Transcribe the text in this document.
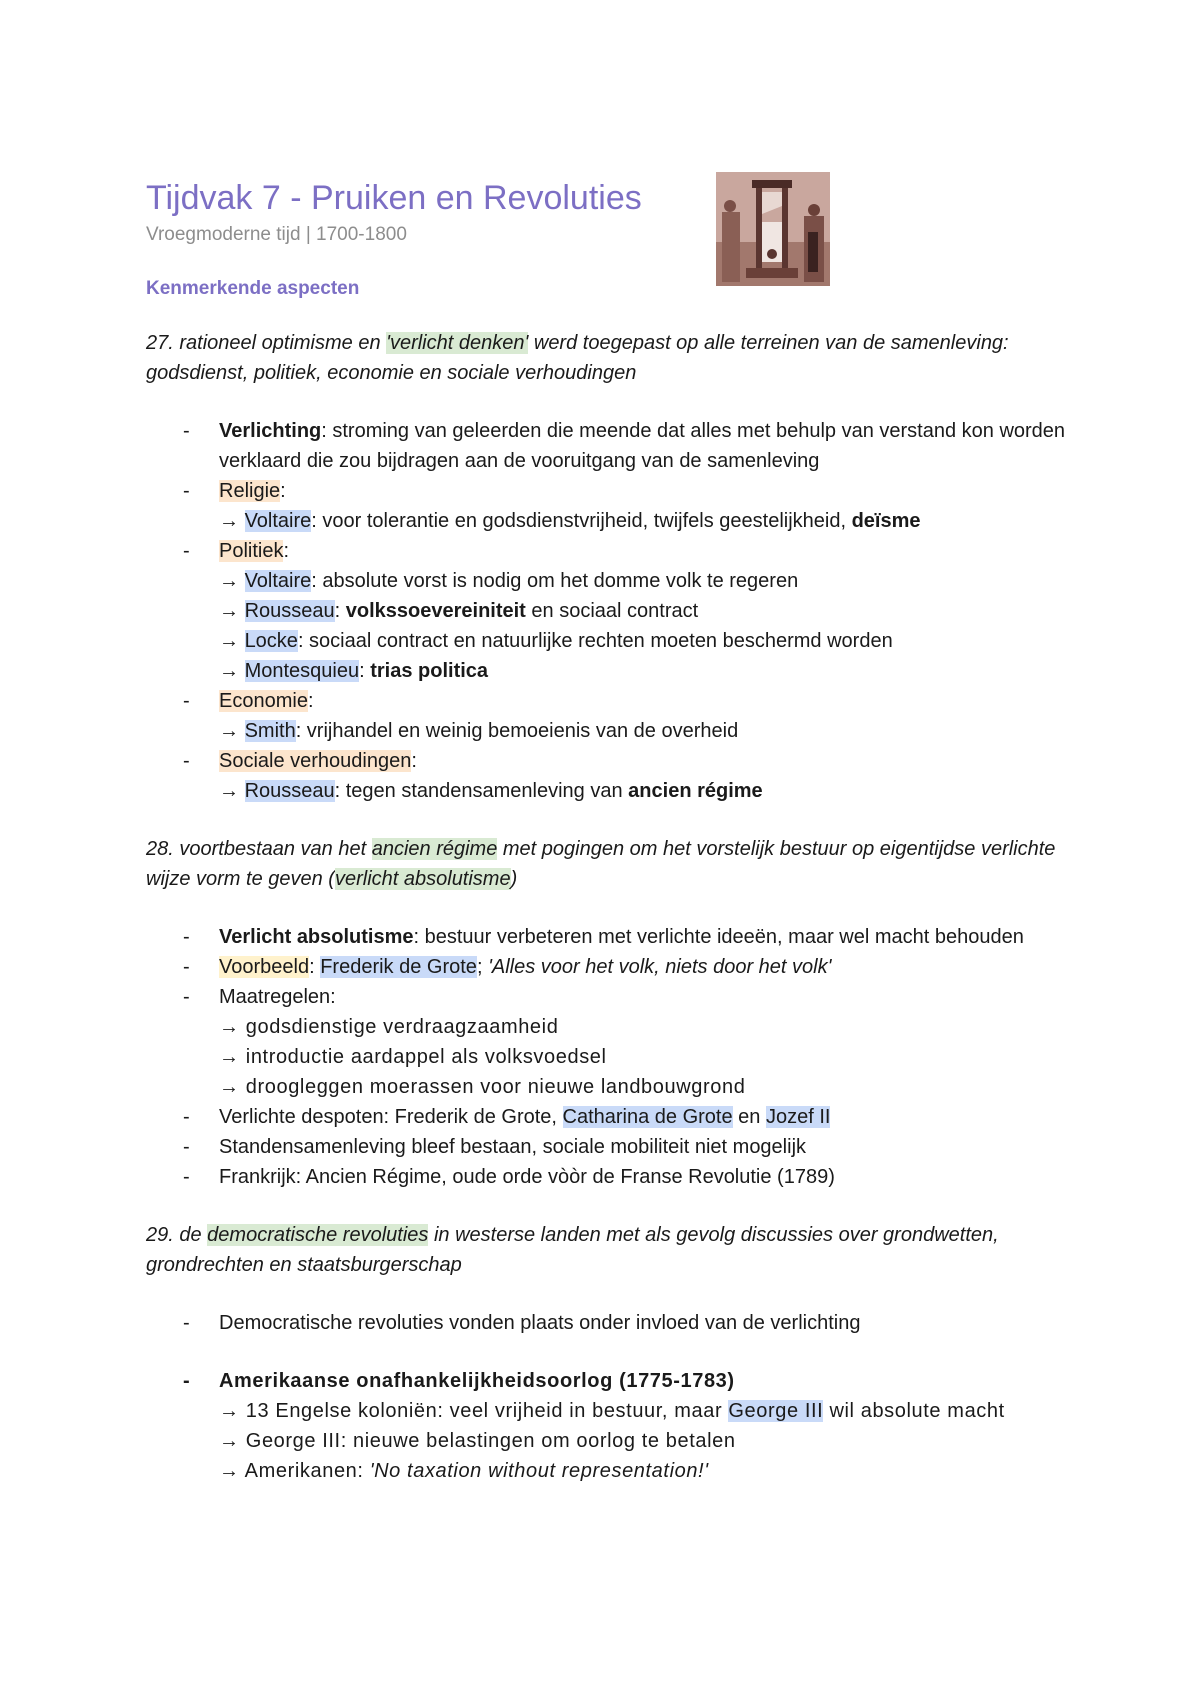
Tijdvak 7 - Pruiken en Revoluties

Vroegmoderne tijd | 1700-1800

Kenmerkende aspecten
27. rationeel optimisme en 'verlicht denken' werd toegepast op alle terreinen van de samenleving: godsdienst, politiek, economie en sociale verhoudingen
- Verlichting: stroming van geleerden die meende dat alles met behulp van verstand kon worden verklaard die zou bijdragen aan de vooruitgang van de samenleving
- Religie:
→ Voltaire: voor tolerantie en godsdienstvrijheid, twijfels geestelijkheid, deïsme
- Politiek:
→ Voltaire: absolute vorst is nodig om het domme volk te regeren
→ Rousseau: volkssoevereiniteit en sociaal contract
→ Locke: sociaal contract en natuurlijke rechten moeten beschermd worden
→ Montesquieu: trias politica
- Economie:
→ Smith: vrijhandel en weinig bemoeienis van de overheid
- Sociale verhoudingen:
→ Rousseau: tegen standensamenleving van ancien régime
28. voortbestaan van het ancien régime met pogingen om het vorstelijk bestuur op eigentijdse verlichte wijze vorm te geven (verlicht absolutisme)
- Verlicht absolutisme: bestuur verbeteren met verlichte ideeën, maar wel macht behouden
- Voorbeeld: Frederik de Grote; 'Alles voor het volk, niets door het volk'
- Maatregelen:
→ godsdienstige verdraagzaamheid
→ introductie aardappel als volksvoedsel
→ drooglеggen moerassen voor nieuwe landbouwgrond
- Verlichte despoten: Frederik de Grote, Catharina de Grote en Jozef II
- Standensamenleving bleef bestaan, sociale mobiliteit niet mogelijk
- Frankrijk: Ancien Régime, oude orde vòòr de Franse Revolutie (1789)
29. de democratische revoluties in westerse landen met als gevolg discussies over grondwetten, grondrechten en staatsburgerschap
- Democratische revoluties vonden plaats onder invloed van de verlichting
- Amerikaanse onafhankelijkheidsoorlog (1775-1783)
→ 13 Engelse koloniën: veel vrijheid in bestuur, maar George III wil absolute macht
→ George III: nieuwe belastingen om oorlog te betalen
→ Amerikanen: 'No taxation without representation!'
